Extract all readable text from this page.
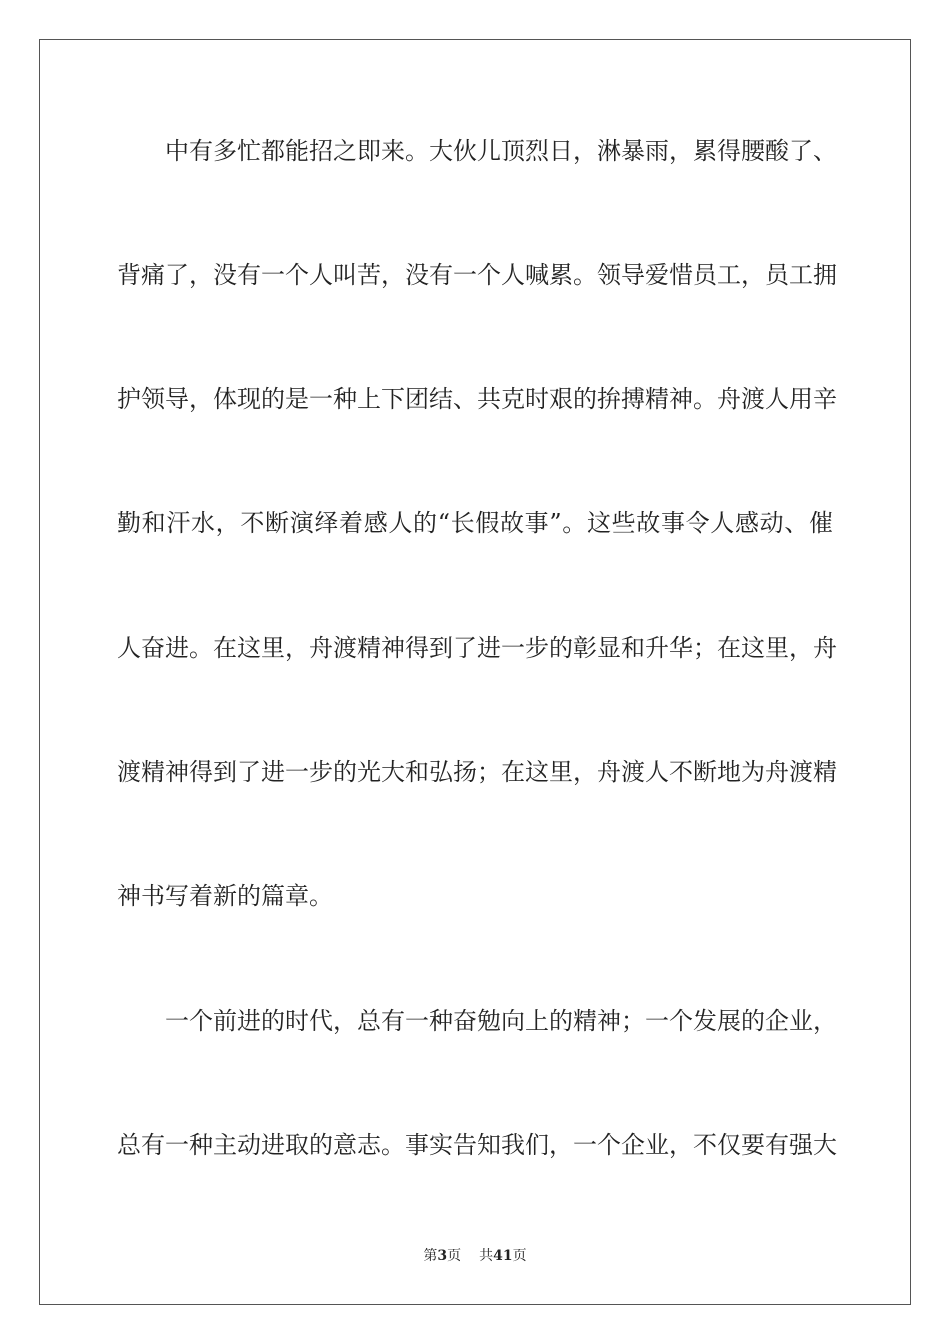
中有多忙都能招之即来。大伙儿顶烈日，淋暴雨，累得腰酸了、

背痛了，没有一个人叫苦，没有一个人喊累。领导爱惜员工，员工拥

护领导，体现的是一种上下团结、共克时艰的拚搏精神。舟渡人用辛

勤和汗水，不断演绎着感人的“长假故事”。这些故事令人感动、催

人奋进。在这里，舟渡精神得到了进一步的彰显和升华；在这里，舟

渡精神得到了进一步的光大和弘扬；在这里，舟渡人不断地为舟渡精

神书写着新的篇章。

一个前进的时代，总有一种奋勉向上的精神；一个发展的企业，

总有一种主动进取的意志。事实告知我们，一个企业，不仅要有强大

第3页 共41页
